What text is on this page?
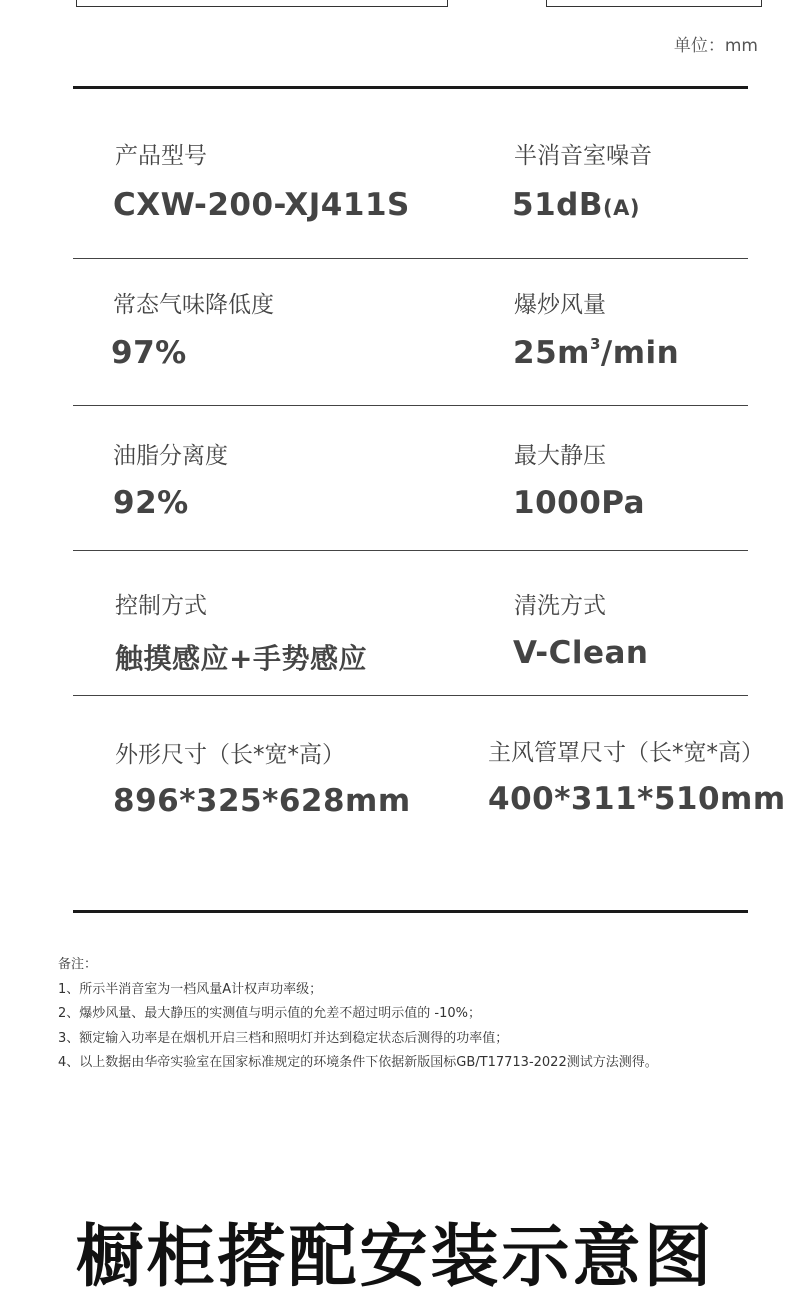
单位：mm
产品型号
CXW-200-XJ411S
半消音室噪音
51dB(A)
常态气味降低度
97%
爆炒风量
$25m^3/\min$
油脂分离度
92%
最大静压
1000Pa
控制方式
触摸感应+手势感应
清洗方式
V-Clean
外形尺寸（长*宽*高）
896*325*628mm
主风管罩尺寸（长*宽*高）
400*311*510mm
备注：
1、所示半消音室为一档风量A计权声功率级；
2、爆炒风量、最大静压的实测值与明示值的允差不超过明示值的 -10%；
3、额定输入功率是在烟机开启三档和照明灯并达到稳定状态后测得的功率值；
4、以上数据由华帝实验室在国家标准规定的环境条件下依据新版国标GB/T17713-2022测试方法测得。
橱柜搭配安装示意图
